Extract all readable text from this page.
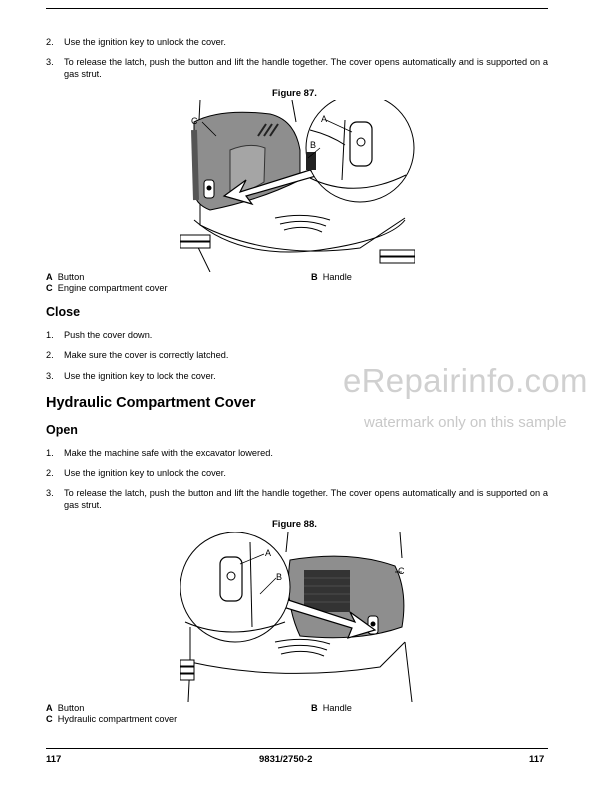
2. Use the ignition key to unlock the cover.
3. To release the latch, push the button and lift the handle together. The cover opens automatically and is supported on a gas strut.
Figure 87.
A
B
C
A Button	B Handle
C Engine compartment cover
Close
1. Push the cover down.
2. Make sure the cover is correctly latched.
3. Use the ignition key to lock the cover.	eRepairinfo.com
watermark only on this sample
Hydraulic Compartment Cover
Open
1. Make the machine safe with the excavator lowered.
2. Use the ignition key to unlock the cover.
3. To release the latch, push the button and lift the handle together. The cover opens automatically and is supported on a gas strut.
Figure 88.
A
B
C
A Button	B Handle
C Hydraulic compartment cover
117	9831/2750-2	117
